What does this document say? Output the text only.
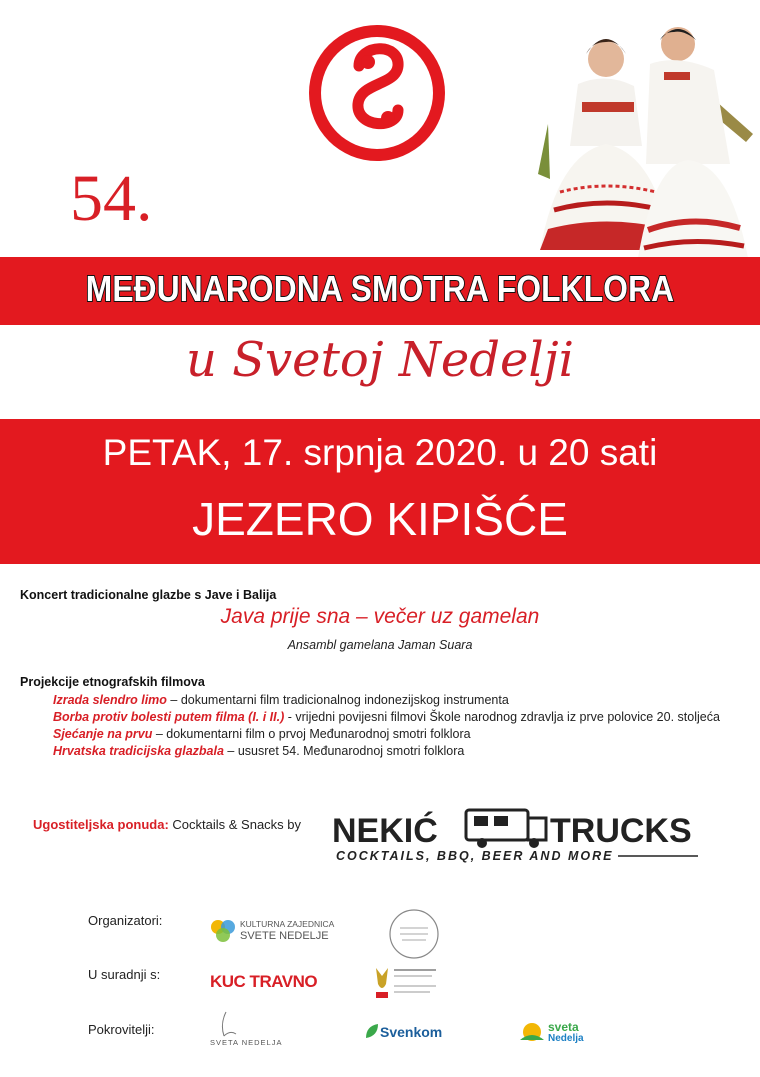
54.
MEĐUNARODNA SMOTRA FOLKLORA
u Svetoj Nedelji
PETAK, 17. srpnja 2020. u 20 sati
JEZERO KIPIŠĆE
Koncert tradicionalne glazbe s Jave i Balija
Java prije sna – večer uz gamelan
Ansambl gamelana Jaman Suara
Projekcije etnografskih filmova
Izrada slendro limo – dokumentarni film tradicionalnog indonezijskog instrumenta
Borba protiv bolesti putem filma (I. i II.) - vrijedni povijesni filmovi Škole narodnog zdravlja iz prve polovice 20. stoljeća
Sjećanje na prvu – dokumentarni film o prvoj Međunarodnoj smotri folklora
Hrvatska tradicijska glazbala – ususret 54. Međunarodnoj smotri folklora
Ugostiteljska ponuda: Cocktails & Snacks by NEKIĆ	TRUCKS
COCKTAILS, BBQ, BEER AND MORE
Organizatori:
U suradnji s:
Pokrovitelji:
KULTURNA ZAJEDNICA
SVETE NEDELJE
KUC TRAVNO
SVETA NEDELJA
Svenkom	sveta
Nedelja
